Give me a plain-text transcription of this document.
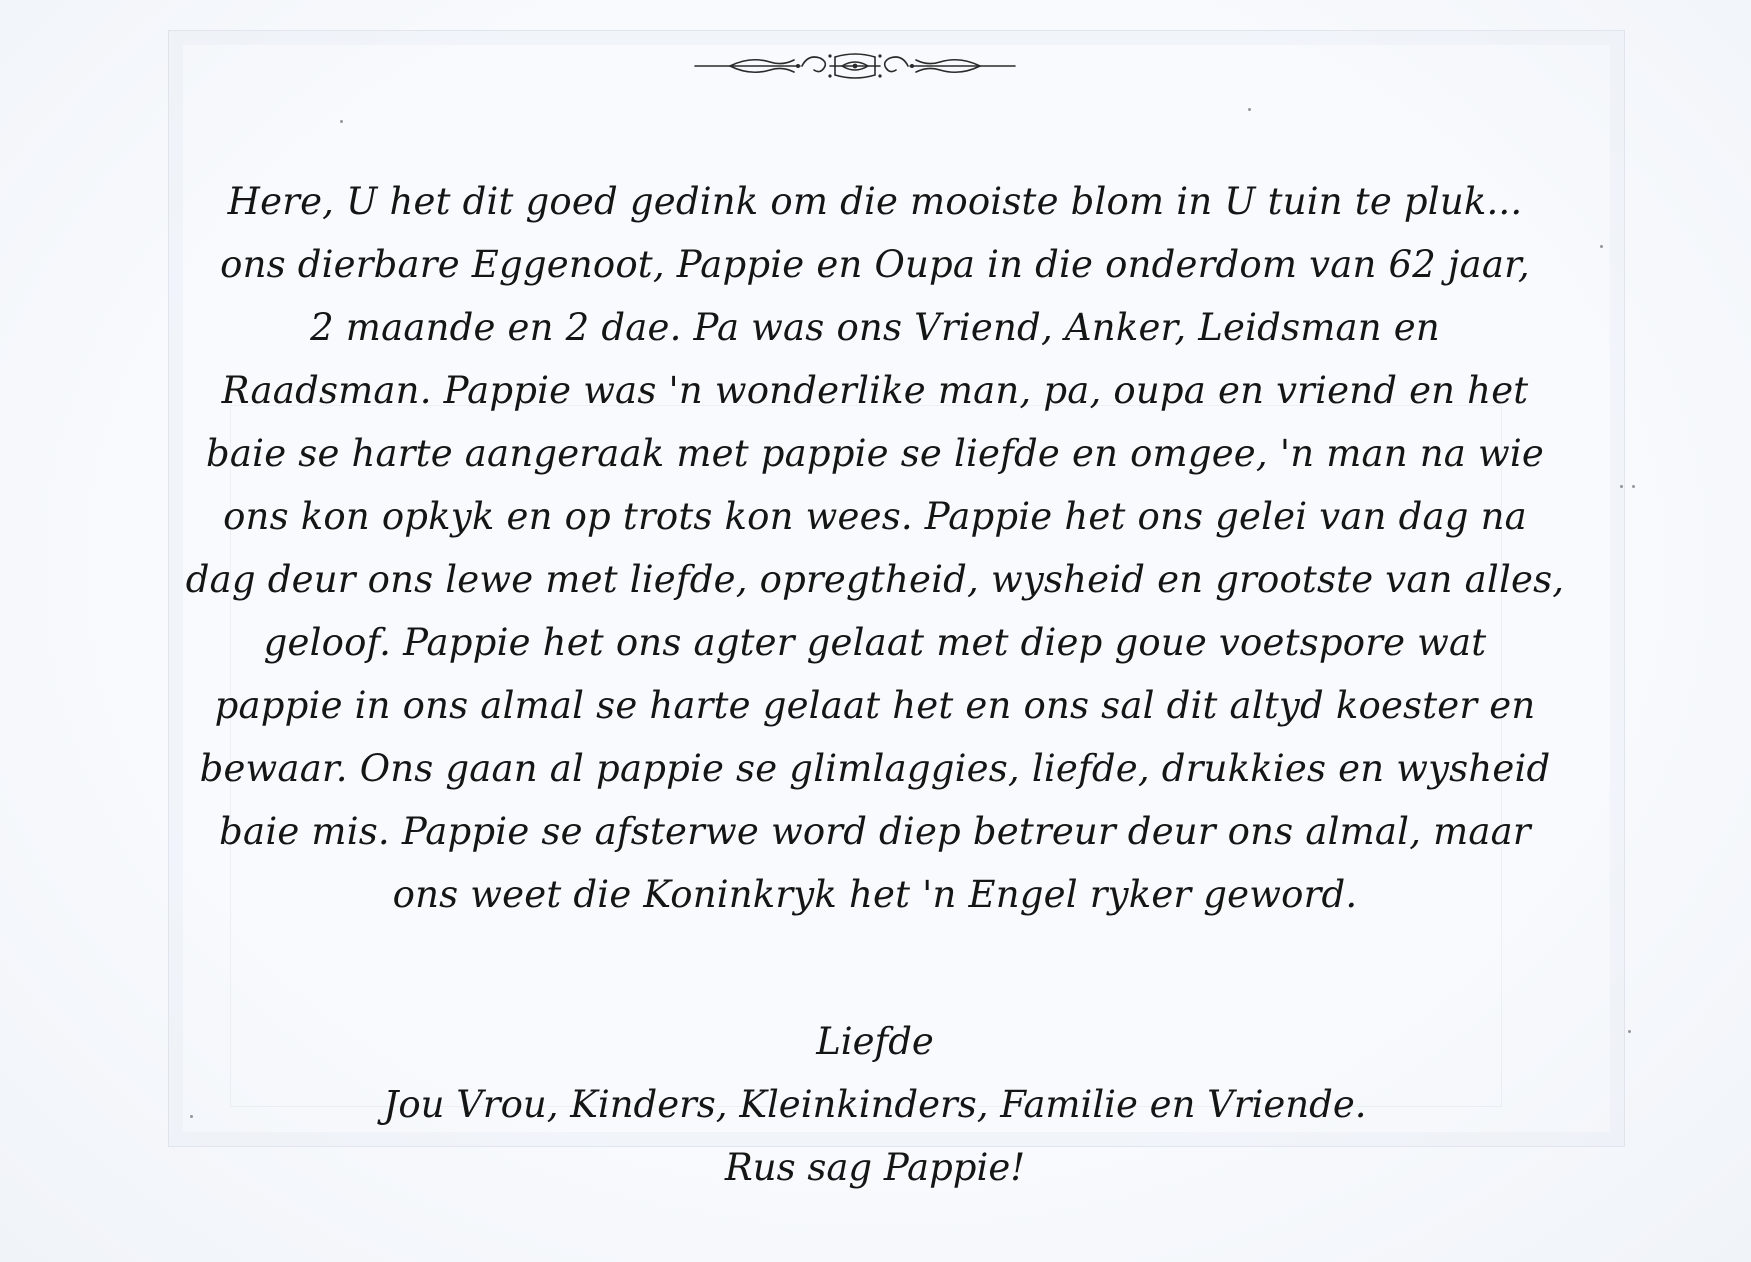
Here, U het dit goed gedink om die mooiste blom in U tuin te pluk...
ons dierbare Eggenoot, Pappie en Oupa in die onderdom van 62 jaar,
2 maande en 2 dae. Pa was ons Vriend, Anker, Leidsman en
Raadsman. Pappie was 'n wonderlike man, pa, oupa en vriend en het
baie se harte aangeraak met pappie se liefde en omgee, 'n man na wie
ons kon opkyk en op trots kon wees. Pappie het ons gelei van dag na
dag deur ons lewe met liefde, opregtheid, wysheid en grootste van alles,
geloof. Pappie het ons agter gelaat met diep goue voetspore wat
pappie in ons almal se harte gelaat het en ons sal dit altyd koester en
bewaar. Ons gaan al pappie se glimlaggies, liefde, drukkies en wysheid
baie mis. Pappie se afsterwe word diep betreur deur ons almal, maar
ons weet die Koninkryk het 'n Engel ryker geword.

Liefde
Jou Vrou, Kinders, Kleinkinders, Familie en Vriende.
Rus sag Pappie!
